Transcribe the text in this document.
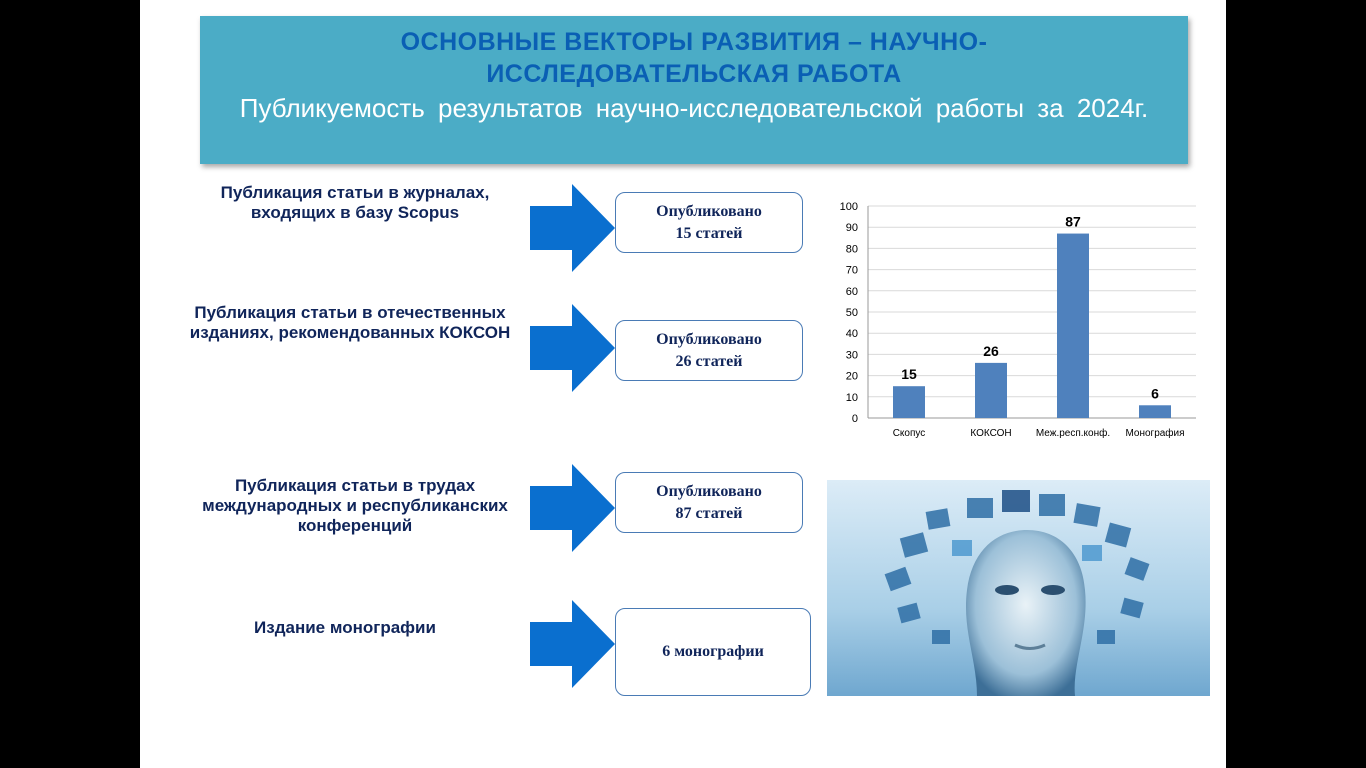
ОСНОВНЫЕ ВЕКТОРЫ РАЗВИТИЯ – НАУЧНО-
ИССЛЕДОВАТЕЛЬСКАЯ РАБОТА
Публикуемость результатов научно-исследовательской работы за 2024г.
Публикация статьи в журналах,
входящих в базу Scopus	Опубликовано
15 статей
Публикация статьи в отечественных
изданиях, рекомендованных КОКСОН	Опубликовано
26 статей
Публикация статьи в трудах
международных и республиканских
конференций
Опубликовано
87 статей
Издание монографии
6 монографии
0
10
20
30
40
50
60
70
80
90
100
15
Скопус
26
КОКСОН
87
Меж.респ.конф.
6
Монография
